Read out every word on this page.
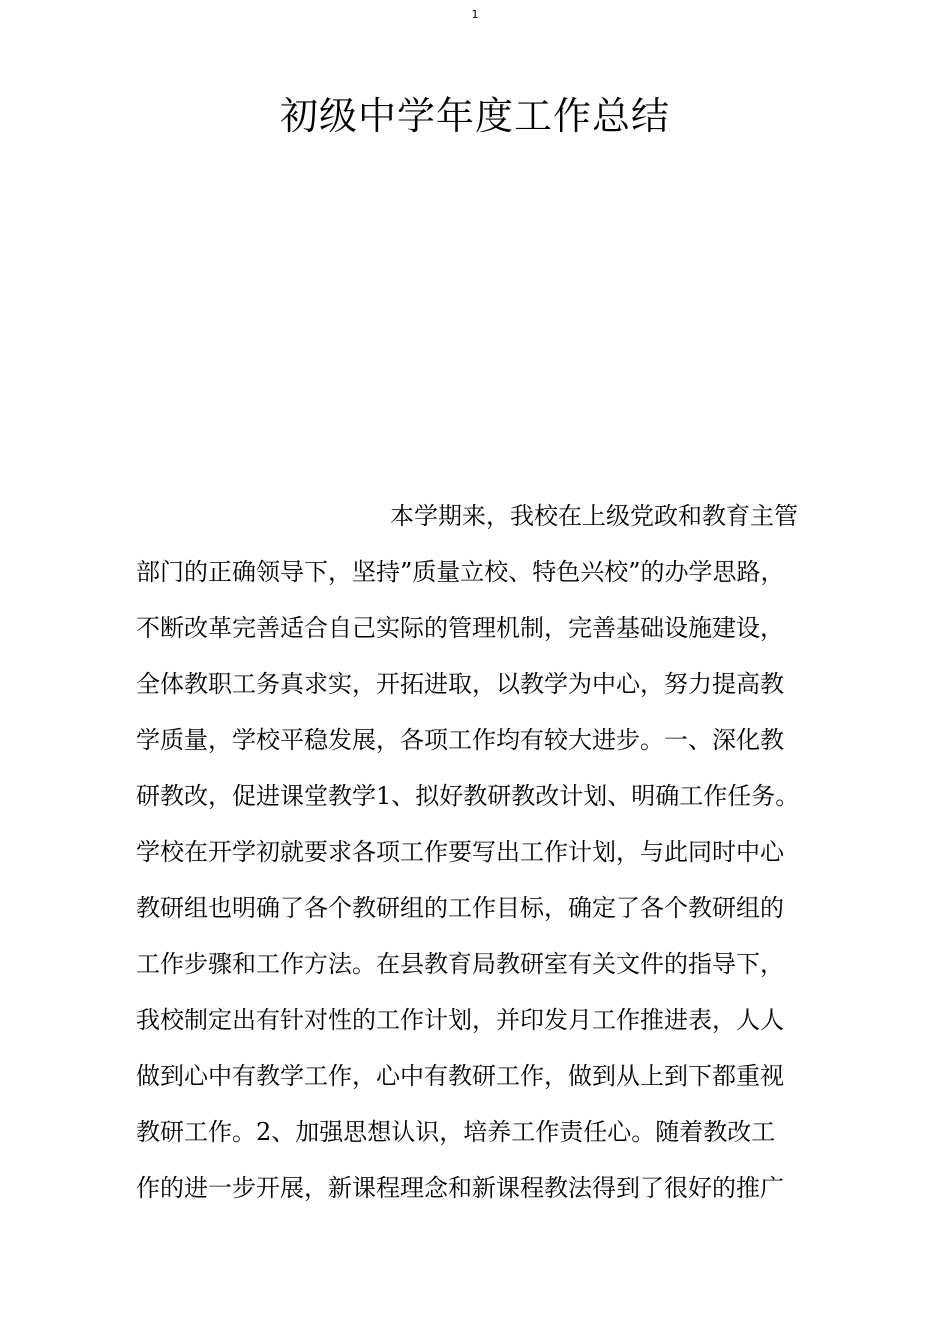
1
初级中学年度工作总结
本学期来，我校在上级党政和教育主管
部门的正确领导下，坚持”质量立校、特色兴校”的办学思路，
不断改革完善适合自己实际的管理机制，完善基础设施建设，
全体教职工务真求实，开拓进取，以教学为中心，努力提高教
学质量，学校平稳发展，各项工作均有较大进步。一、深化教
研教改，促进课堂教学1、拟好教研教改计划、明确工作任务。
学校在开学初就要求各项工作要写出工作计划，与此同时中心
教研组也明确了各个教研组的工作目标，确定了各个教研组的
工作步骤和工作方法。在县教育局教研室有关文件的指导下，
我校制定出有针对性的工作计划，并印发月工作推进表，人人
做到心中有教学工作，心中有教研工作，做到从上到下都重视
教研工作。2、加强思想认识，培养工作责任心。随着教改工
作的进一步开展，新课程理念和新课程教法得到了很好的推广
